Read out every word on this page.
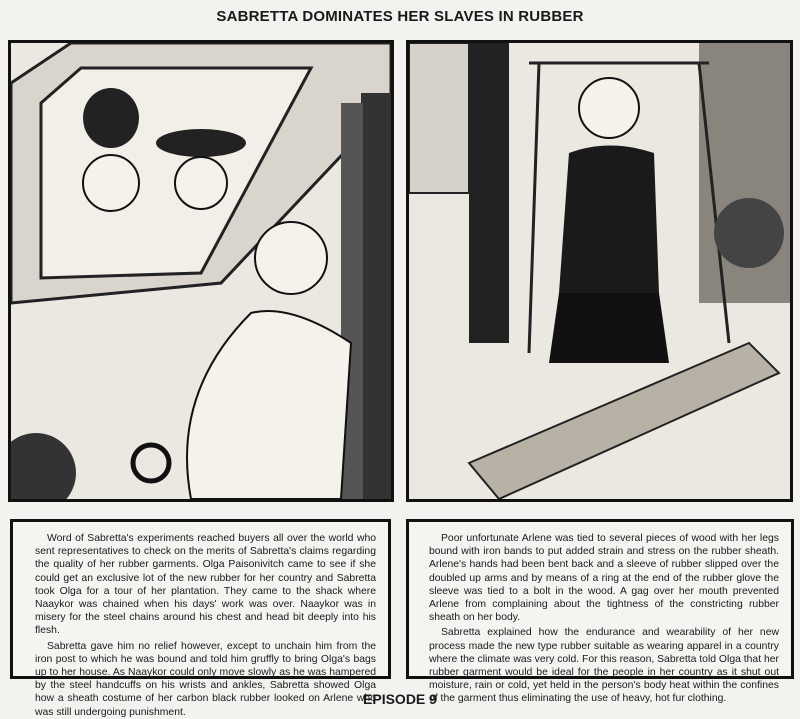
SABRETTA DOMINATES HER SLAVES IN RUBBER

Word of Sabretta's experiments reached buyers all over the world who sent representatives to check on the merits of Sabretta's claims regarding the quality of her rubber garments. Olga Paisonivitch came to see if she could get an exclusive lot of the new rubber for her country and Sabretta took Olga for a tour of her plantation. They came to the shack where Naaykor was chained when his days' work was over. Naaykor was in misery for the steel chains around his chest and head bit deeply into his flesh.

Sabretta gave him no relief however, except to unchain him from the iron post to which he was bound and told him gruffly to bring Olga's bags up to her house. As Naaykor could only move slowly as he was hampered by the steel handcuffs on his wrists and ankles, Sabretta showed Olga how a sheath costume of her carbon black rubber looked on Arlene who was still undergoing punishment.

Poor unfortunate Arlene was tied to several pieces of wood with her legs bound with iron bands to put added strain and stress on the rubber sheath. Arlene's hands had been bent back and a sleeve of rubber slipped over the doubled up arms and by means of a ring at the end of the rubber glove the sleeve was tied to a bolt in the wood. A gag over her mouth prevented Arlene from complaining about the tightness of the constricting rubber sheath on her body.

Sabretta explained how the endurance and wearability of her new process made the new type rubber suitable as wearing apparel in a country where the climate was very cold. For this reason, Sabretta told Olga that her rubber garment would be ideal for the people in her country as it shut out moisture, rain or cold, yet held in the person's body heat within the confines of the garment thus eliminating the use of heavy, hot fur clothing.

EPISODE 9
